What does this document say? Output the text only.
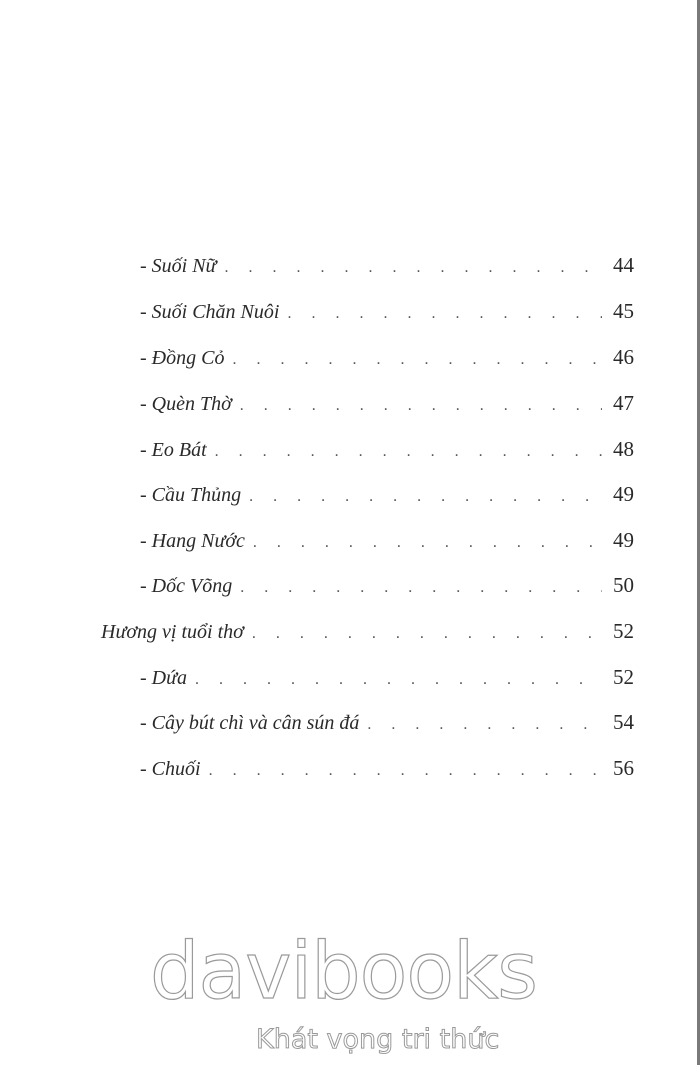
- Suối Nữ . . .	44
- Suối Chăn Nuôi . . .	45
- Đồng Cỏ . . .	46
- Quèn Thờ . . .	47
- Eo Bát . . .	48
- Cầu Thủng . . .	49
- Hang Nước . . .	49
- Dốc Võng . . .	50
Hương vị tuổi thơ . . .	52
- Dứa . . .	52
- Cây bút chì và cân sún đá . . .	54
- Chuối . . .	56
davibooks
Khát vọng tri thức
